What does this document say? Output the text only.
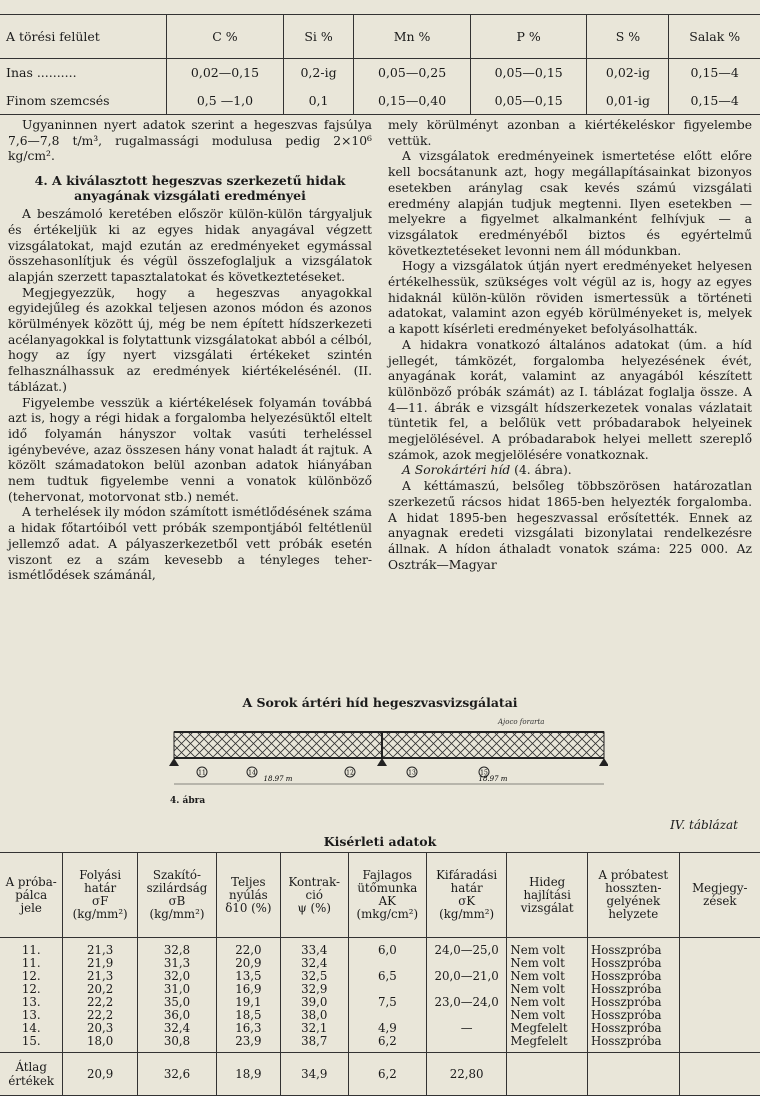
A törési felület	C %	Si %	Mn %	P %	S %	Salak %
Inas ..........	0,02—0,15	0,2-ig	0,05—0,25	0,05—0,15	0,02-ig	0,15—4
Finom szemcsés	0,5 —1,0	0,1	0,15—0,40	0,05—0,15	0,01-ig	0,15—4

Ugyaninnen nyert adatok szerint a hegeszvas fajsúlya 7,6—7,8 t/m³, rugalmassági modulusa pedig 2×10⁶ kg/cm².

4. A kiválasztott hegeszvas szerkezetű hidak anyagának vizsgálati eredményei

A beszámoló keretében először külön-külön tárgyaljuk és értékeljük ki az egyes hidak anyagával végzett vizsgálatokat, majd ezután az eredményeket egymással összehasonlítjuk és végül összefoglaljuk a vizsgálatok alapján szerzett tapasztalatokat és következtetéseket.

Megjegyezzük, hogy a hegeszvas anyagokkal egyidejűleg és azokkal teljesen azonos módon és azonos körülmények között új, még be nem épített hídszerkezeti acélanyagokkal is folytattunk vizsgálatokat abból a célból, hogy az így nyert vizsgálati értékeket szintén felhasználhassuk az eredmények kiértékelésénél. (II. táblázat.)

Figyelembe vesszük a kiértékelések folyamán továbbá azt is, hogy a régi hidak a forgalomba helyezésüktől eltelt idő folyamán hányszor voltak vasúti terheléssel igénybevéve, azaz összesen hány vonat haladt át rajtuk. A közölt számadatokon belül azonban adatok hiányában nem tudtuk figyelembe venni a vonatok különböző (tehervonat, motorvonat stb.) nemét.

A terhelések ily módon számított ismétlődésének száma a hidak főtartóiból vett próbák szempontjából feltétlenül jellemző adat. A pályaszerkezetből vett próbák esetén viszont ez a szám kevesebb a tényleges teher-ismétlődések számánál,

mely körülményt azonban a kiértékeléskor figyelembe vettük.

A vizsgálatok eredményeinek ismertetése előtt előre kell bocsátanunk azt, hogy megállapításainkat bizonyos esetekben aránylag csak kevés számú vizsgálati eredmény alapján tudjuk megtenni. Ilyen esetekben — melyekre a figyelmet alkalmanként felhívjuk — a vizsgálatok eredményéből biztos és egyértelmű következtetéseket levonni nem áll módunkban.

Hogy a vizsgálatok útján nyert eredményeket helyesen értékelhessük, szükséges volt végül az is, hogy az egyes hidaknál külön-külön röviden ismertessük a történeti adatokat, valamint azon egyéb körülményeket is, melyek a kapott kísérleti eredményeket befolyásolhatták.

A hidakra vonatkozó általános adatokat (úm. a híd jellegét, támközét, forgalomba helyezésének évét, anyagának korát, valamint az anyagából készített különböző próbák számát) az I. táblázat foglalja össze. A 4—11. ábrák e vizsgált hídszerkezetek vonalas vázlatait tüntetik fel, a belőlük vett próbadarabok helyeinek megjelölésével. A próbadarabok helyei mellett szereplő számok, azok megjelölésére vonatkoznak.

A Sorokártéri híd (4. ábra).

A kéttámaszú, belsőleg többszörösen határozatlan szerkezetű rácsos hidat 1865-ben helyezték forgalomba. A hidat 1895-ben hegeszvassal erősítették. Ennek az anyagnak eredeti vizsgálati bizonylatai rendelkezésre állnak. A hídon áthaladt vonatok száma: 225 000. Az Osztrák—Magyar

A Sorok ártéri híd hegeszvasvizsgálatai
Ajoco forarta
11	14	12	13	15
18.97 m	18.97 m
4. ábra
IV. táblázat
Kisérleti adatok
A próba-
pálca jele	Folyási
határ
σF
(kg/mm²)	Szakító-
szilárdság
σB
(kg/mm²)	Teljes
nyúlás
δ10 (%)	Kontrak-
ció
ψ (%)	Fajlagos
ütőmunka
AK
(mkg/cm²)	Kifáradási
határ
σK
(kg/mm²)	Hideg
hajlítási
vizsgálat	A próbatest
hosszten-
gelyének
helyzete	Megjegy-
zések
11.	21,3	32,8	22,0	33,4	6,0	24,0—25,0	Nem volt	Hosszpróba	
11.	21,9	31,3	20,9	32,4			Nem volt	Hosszpróba	
12.	21,3	32,0	13,5	32,5	6,5	20,0—21,0	Nem volt	Hosszpróba	
12.	20,2	31,0	16,9	32,9			Nem volt	Hosszpróba	
13.	22,2	35,0	19,1	39,0	7,5	23,0—24,0	Nem volt	Hosszpróba	
13.	22,2	36,0	18,5	38,0			Nem volt	Hosszpróba	
14.	20,3	32,4	16,3	32,1	4,9	—	Megfelelt	Hosszpróba	
15.	18,0	30,8	23,9	38,7	6,2		Megfelelt	Hosszpróba	
Átlag
értékek	20,9	32,6	18,9	34,9	6,2	22,80			
